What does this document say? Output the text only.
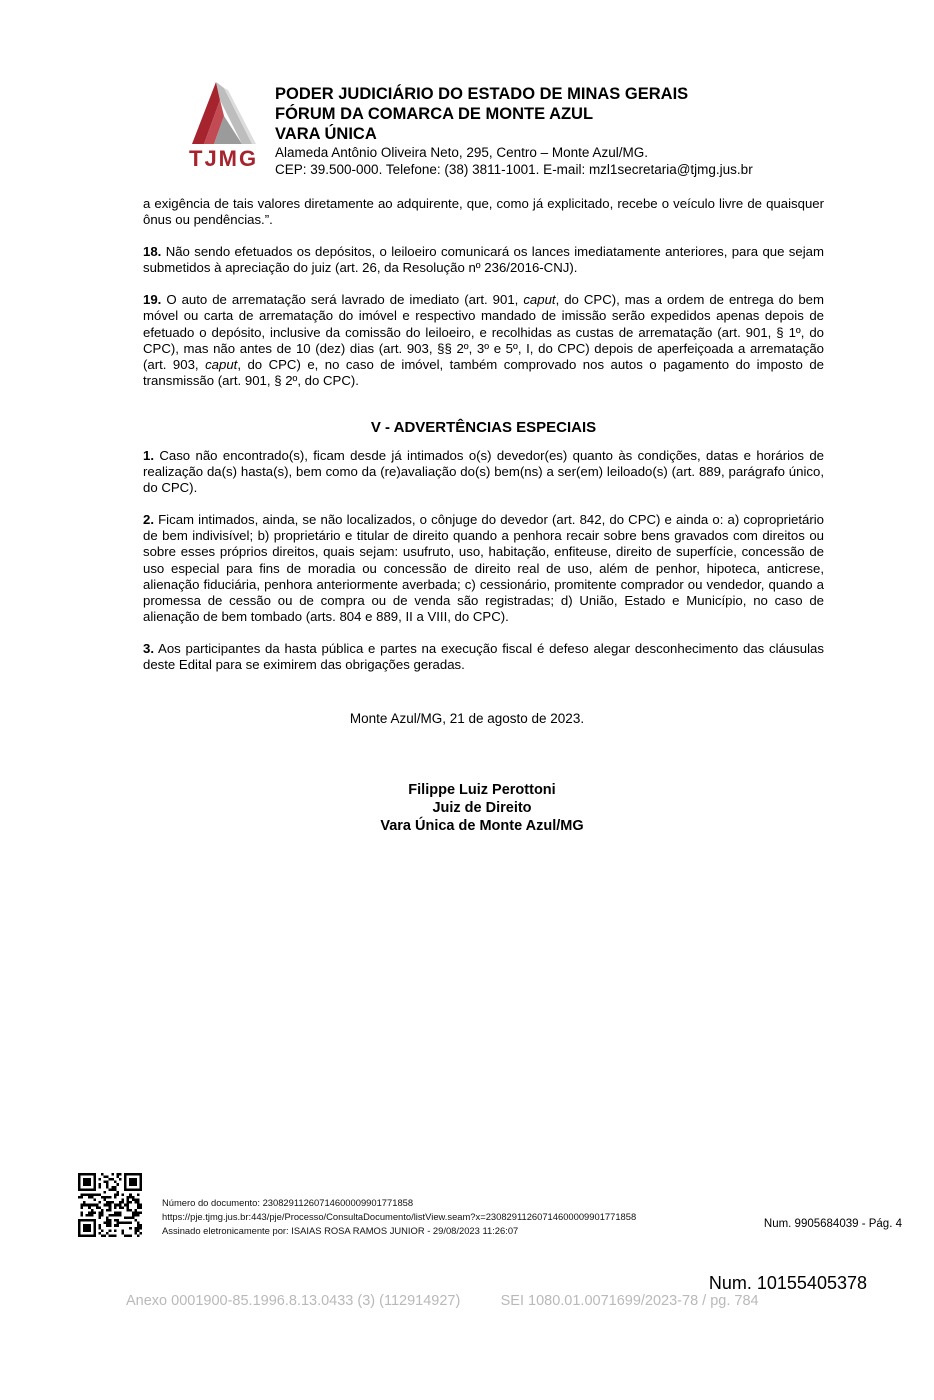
TJMG

PODER JUDICIÁRIO DO ESTADO DE MINAS GERAIS

FÓRUM DA COMARCA DE MONTE AZUL

VARA ÚNICA

Alameda Antônio Oliveira Neto, 295, Centro – Monte Azul/MG.

CEP: 39.500-000. Telefone: (38) 3811-1001. E-mail: mzl1secretaria@tjmg.jus.br

a exigência de tais valores diretamente ao adquirente, que, como já explicitado, recebe o veículo livre de quaisquer ônus ou pendências.”.

18. Não sendo efetuados os depósitos, o leiloeiro comunicará os lances imediatamente anteriores, para que sejam submetidos à apreciação do juiz (art. 26, da Resolução nº 236/2016-CNJ).

19. O auto de arrematação será lavrado de imediato (art. 901, caput, do CPC), mas a ordem de entrega do bem móvel ou carta de arrematação do imóvel e respectivo mandado de imissão serão expedidos apenas depois de efetuado o depósito, inclusive da comissão do leiloeiro, e recolhidas as custas de arrematação (art. 901, § 1º, do CPC), mas não antes de 10 (dez) dias (art. 903, §§ 2º, 3º e 5º, I, do CPC) depois de aperfeiçoada a arrematação (art. 903, caput, do CPC) e, no caso de imóvel, também comprovado nos autos o pagamento do imposto de transmissão (art. 901, § 2º, do CPC).

V - ADVERTÊNCIAS ESPECIAIS

1. Caso não encontrado(s), ficam desde já intimados o(s) devedor(es) quanto às condições, datas e horários de realização da(s) hasta(s), bem como da (re)avaliação do(s) bem(ns) a ser(em) leiloado(s) (art. 889, parágrafo único, do CPC).

2. Ficam intimados, ainda, se não localizados, o cônjuge do devedor (art. 842, do CPC) e ainda o: a) coproprietário de bem indivisível; b) proprietário e titular de direito quando a penhora recair sobre bens gravados com direitos ou sobre esses próprios direitos, quais sejam: usufruto, uso, habitação, enfiteuse, direito de superfície, concessão de uso especial para fins de moradia ou concessão de direito real de uso, além de penhor, hipoteca, anticrese, alienação fiduciária, penhora anteriormente averbada; c) cessionário, promitente comprador ou vendedor, quando a promessa de cessão ou de compra ou de venda são registradas; d) União, Estado e Município, no caso de alienação de bem tombado (arts. 804 e 889, II a VIII, do CPC).

3. Aos participantes da hasta pública e partes na execução fiscal é defeso alegar desconhecimento das cláusulas deste Edital para se eximirem das obrigações geradas.

Monte Azul/MG, 21 de agosto de 2023.
Filippe Luiz Perottoni
Juiz de Direito
Vara Única de Monte Azul/MG
Número do documento: 23082911260714600009901771858
https://pje.tjmg.jus.br:443/pje/Processo/ConsultaDocumento/listView.seam?x=23082911260714600009901771858
Assinado eletronicamente por: ISAIAS ROSA RAMOS JUNIOR - 29/08/2023 11:26:07
Num. 9905684039 - Pág. 4
Num. 10155405378
Anexo 0001900-85.1996.8.13.0433 (3) (112914927)	SEI 1080.01.0071699/2023-78 / pg. 784
